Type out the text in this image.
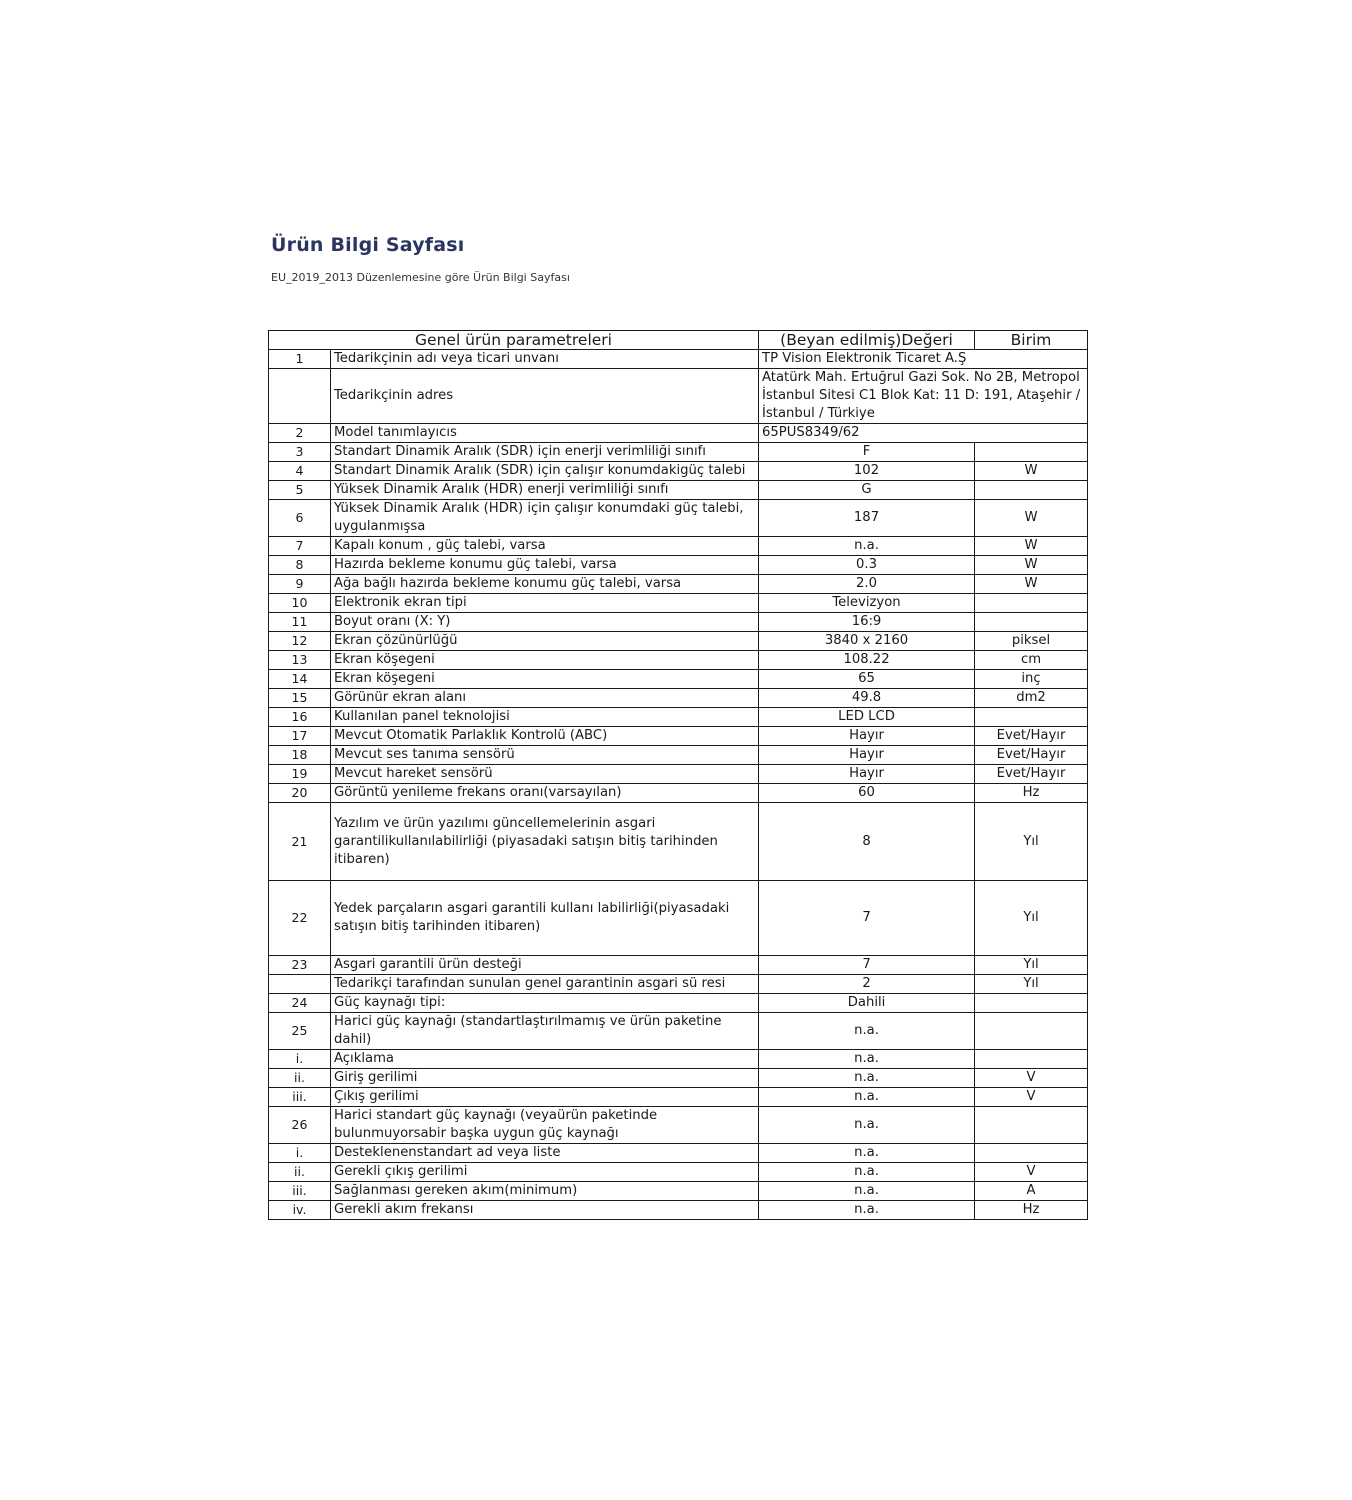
Ürün Bilgi Sayfası

EU_2019_2013 Düzenlemesine göre Ürün Bilgi Sayfası

Genel ürün parametreleri		(Beyan edilmiş)Değeri	Birim
1	Tedarikçinin adı veya ticari unvanı	TP Vision Elektronik Ticaret A.Ş	
	Tedarikçinin adres	Atatürk Mah. Ertuğrul Gazi Sok. No 2B, Metropol İstanbul Sitesi C1 Blok Kat: 11 D: 191, Ataşehir / İstanbul / Türkiye	
2	Model tanımlayıcıs	65PUS8349/62	
3	Standart Dinamik Aralık (SDR) için enerji verimliliği sınıfı	F	
4	Standart Dinamik Aralık (SDR) için çalışır konumdakigüç talebi	102	W
5	Yüksek Dinamik Aralık (HDR) enerji verimliliği sınıfı	G	
6	Yüksek Dinamik Aralık (HDR) için çalışır konumdaki güç talebi, uygulanmışsa	187	W
7	Kapalı konum , güç talebi, varsa	n.a.	W
8	Hazırda bekleme konumu güç talebi, varsa	0.3	W
9	Ağa bağlı hazırda bekleme konumu güç talebi, varsa	2.0	W
10	Elektronik ekran tipi	Televizyon	
11	Boyut oranı (X: Y)	16:9	
12	Ekran çözünürlüğü	3840 x 2160	piksel
13	Ekran köşegeni	108.22	cm
14	Ekran köşegeni	65	inç
15	Görünür ekran alanı	49.8	dm2
16	Kullanılan panel teknolojisi	LED LCD	
17	Mevcut Otomatik Parlaklık Kontrolü (ABC)	Hayır	Evet/Hayır
18	Mevcut ses tanıma sensörü	Hayır	Evet/Hayır
19	Mevcut hareket sensörü	Hayır	Evet/Hayır
20	Görüntü yenileme frekans oranı(varsayılan)	60	Hz
21	Yazılım ve ürün yazılımı güncellemelerinin asgari garantilikullanılabilirliği (piyasadaki satışın bitiş tarihinden itibaren)	8	Yıl
22	Yedek parçaların asgari garantili kullanı labilirliği(piyasadaki satışın bitiş tarihinden itibaren)	7	Yıl
23	Asgari garantili ürün desteği	7	Yıl
	Tedarikçi tarafından sunulan genel garantinin asgari sü resi	2	Yıl
24	Güç kaynağı tipi:	Dahili	
25	Harici güç kaynağı (standartlaştırılmamış ve ürün paketine dahil)	n.a.	
i.	Açıklama	n.a.	
ii.	Giriş gerilimi	n.a.	V
iii.	Çıkış gerilimi	n.a.	V
26	Harici standart güç kaynağı (veyaürün paketinde bulunmuyorsabir başka uygun güç kaynağı	n.a.	
i.	Desteklenenstandart ad veya liste	n.a.	
ii.	Gerekli çıkış gerilimi	n.a.	V
iii.	Sağlanması gereken akım(minimum)	n.a.	A
iv.	Gerekli akım frekansı	n.a.	Hz
